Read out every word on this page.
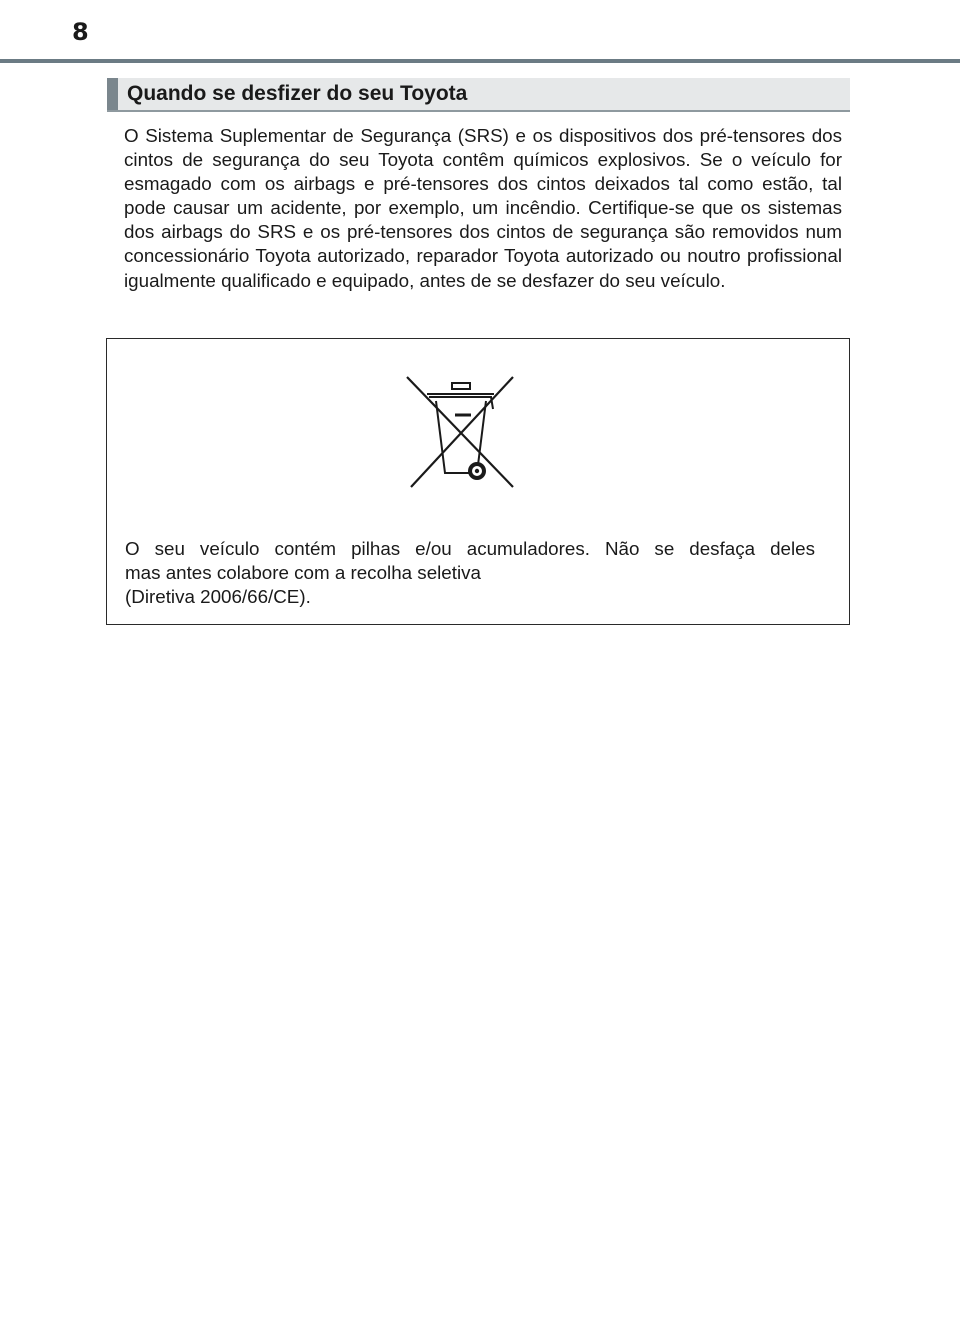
8
Quando se desfizer do seu Toyota

O Sistema Suplementar de Segurança (SRS) e os dispositivos dos pré-tensores dos cintos de segurança do seu Toyota contêm químicos explosivos. Se o veículo for esmagado com os airbags e pré-tensores dos cintos deixados tal como estão, tal pode causar um acidente, por exemplo, um incêndio. Certifique-se que os sistemas dos airbags do SRS e os pré-tensores dos cintos de segurança são removidos num concessionário Toyota autorizado, reparador Toyota autorizado ou noutro profissional igualmente qualificado e equipado, antes de se desfazer do seu veículo.

O seu veículo contém pilhas e/ou acumuladores. Não se desfaça deles
mas antes colabore com a recolha seletiva
(Diretiva 2006/66/CE).
